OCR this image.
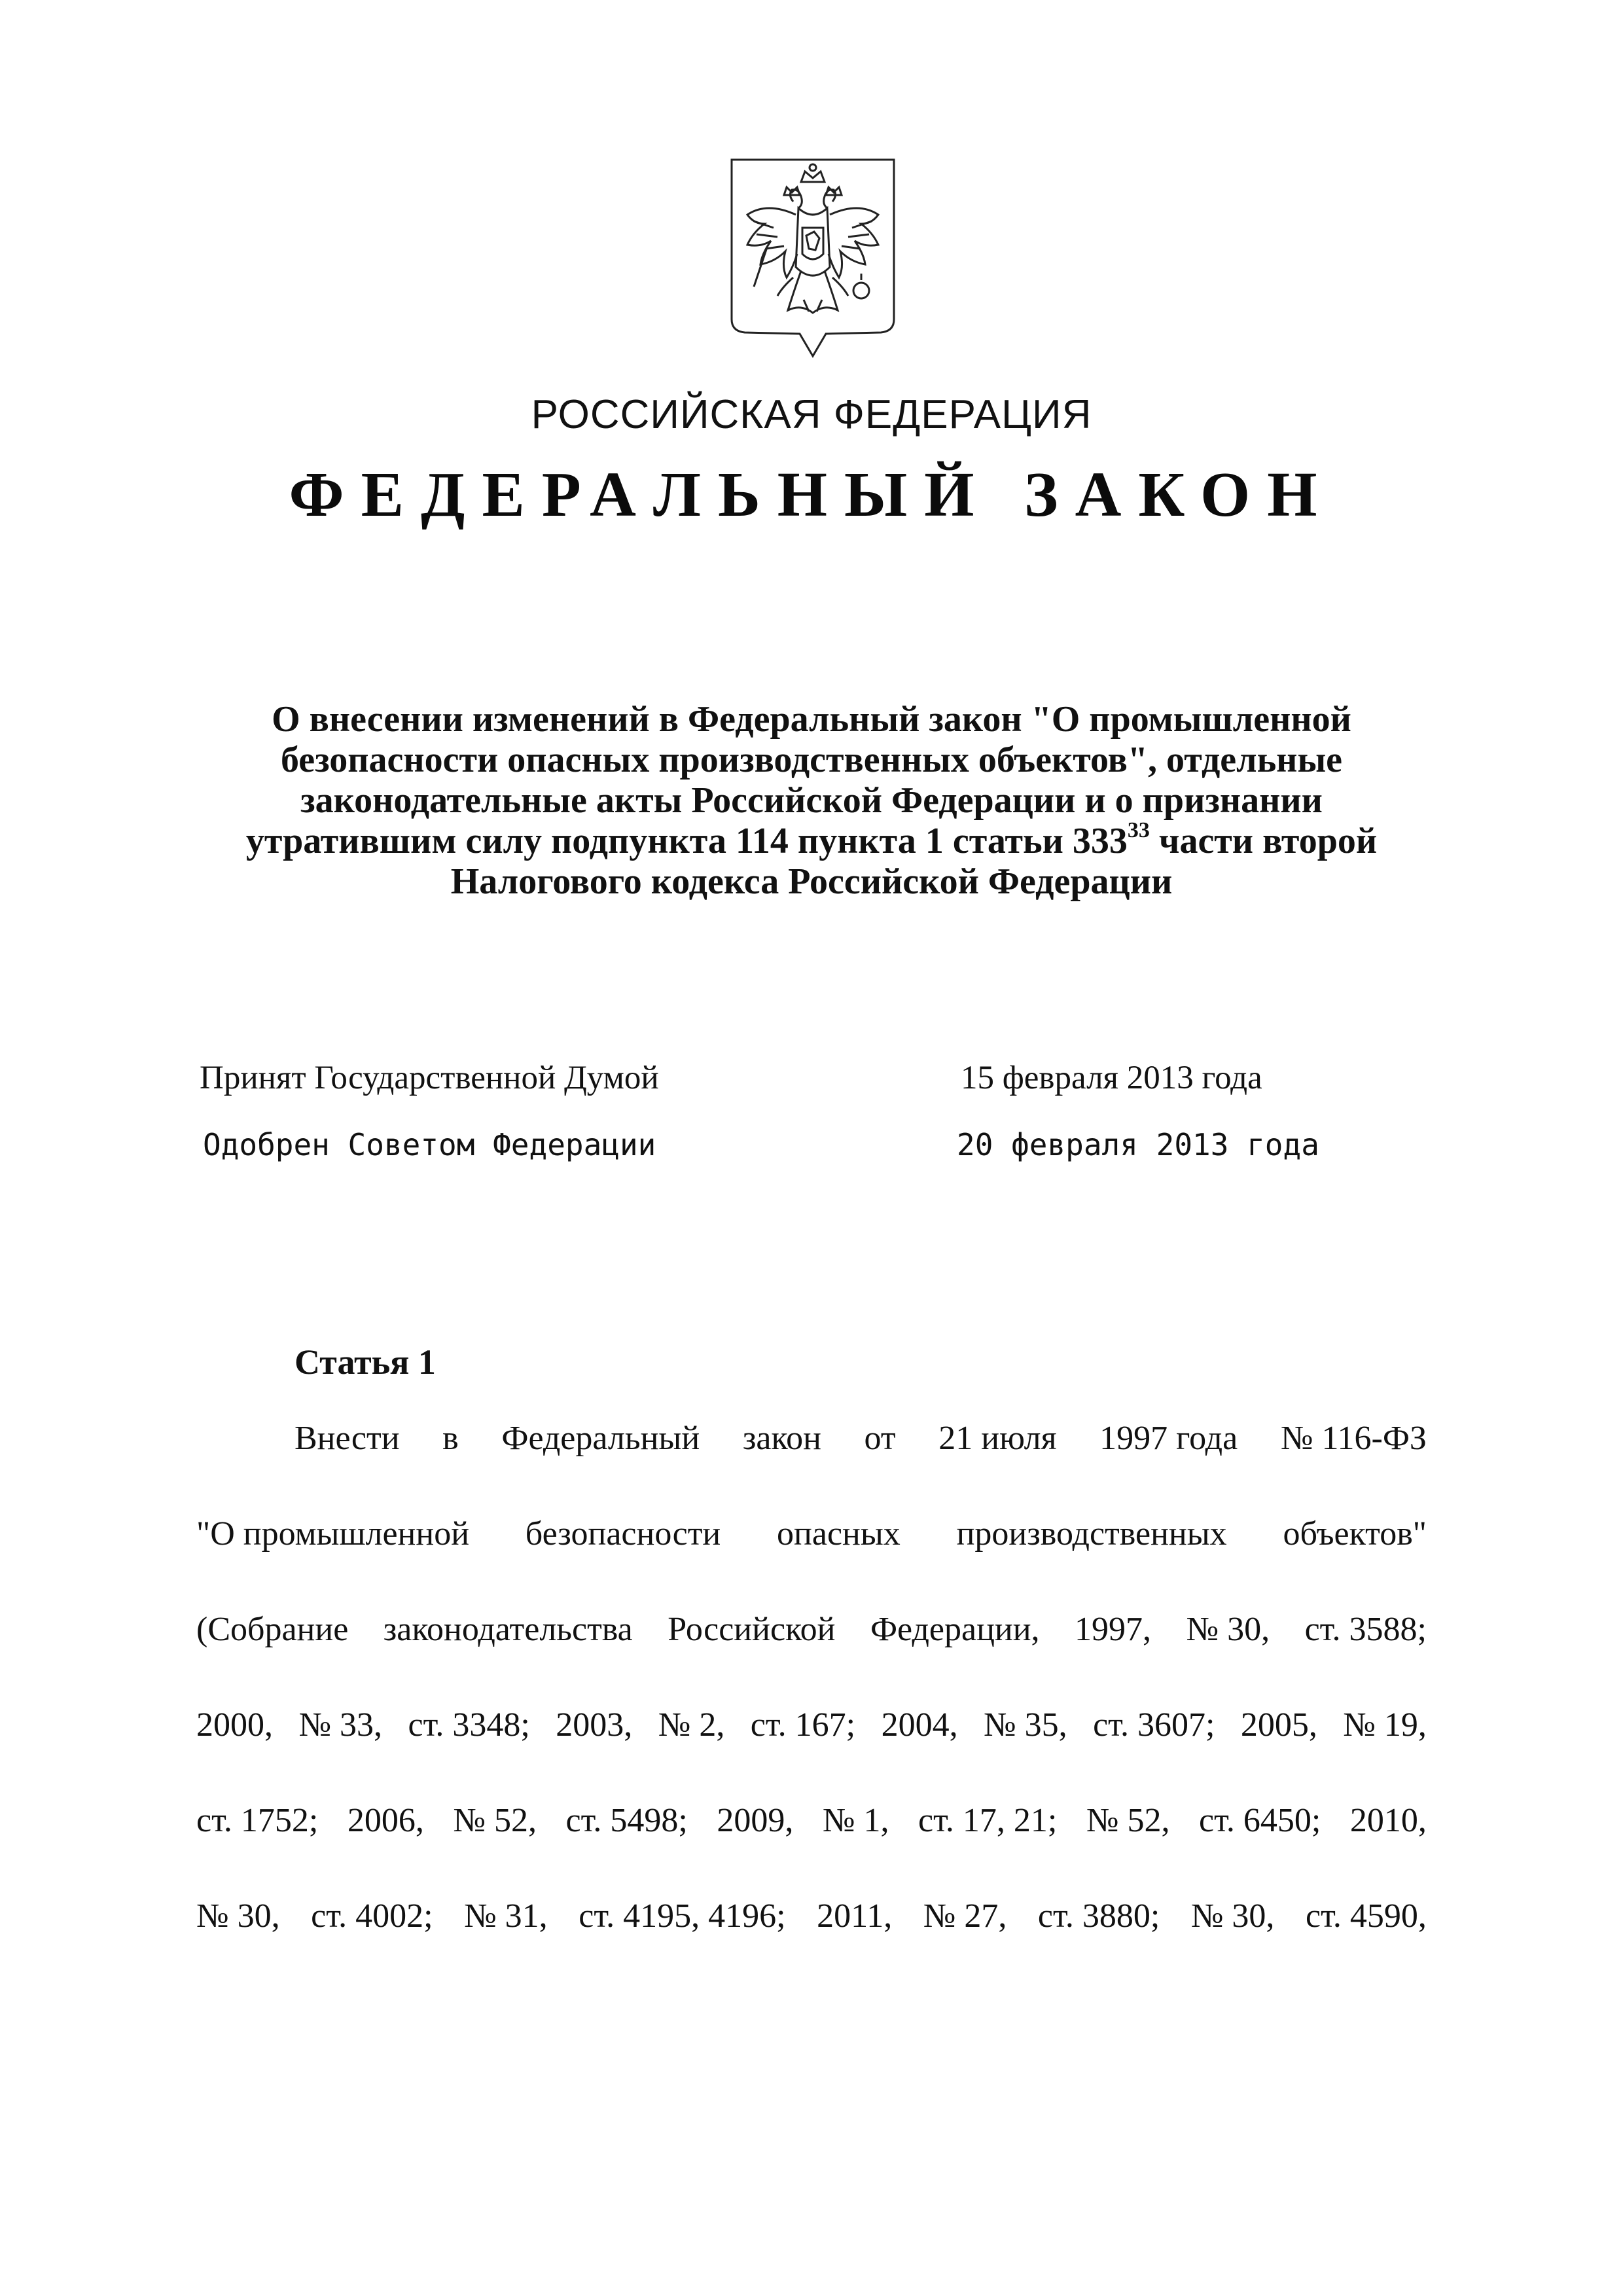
РОССИЙСКАЯ ФЕДЕРАЦИЯ
ФЕДЕРАЛЬНЫЙ ЗАКОН
О внесении изменений в Федеральный закон "О промышленной
безопасности опасных производственных объектов", отдельные
законодательные акты Российской Федерации и о признании
утратившим силу подпункта 114 пункта 1 статьи $333^{33}$ части второй
Налогового кодекса Российской Федерации
Принят Государственной Думой	15 февраля 2013 года
Одобрен Советом Федерации	20 февраля 2013 года
Статья 1
Внести в Федеральный закон от 21 июля 1997 года № 116-ФЗ
"О промышленной безопасности опасных производственных объектов"
(Собрание законодательства Российской Федерации, 1997, № 30, ст. 3588;
2000, № 33, ст. 3348; 2003, № 2, ст. 167; 2004, № 35, ст. 3607; 2005, № 19,
ст. 1752; 2006, № 52, ст. 5498; 2009, № 1, ст. 17, 21; № 52, ст. 6450; 2010,
№ 30, ст. 4002; № 31, ст. 4195, 4196; 2011, № 27, ст. 3880; № 30, ст. 4590,
